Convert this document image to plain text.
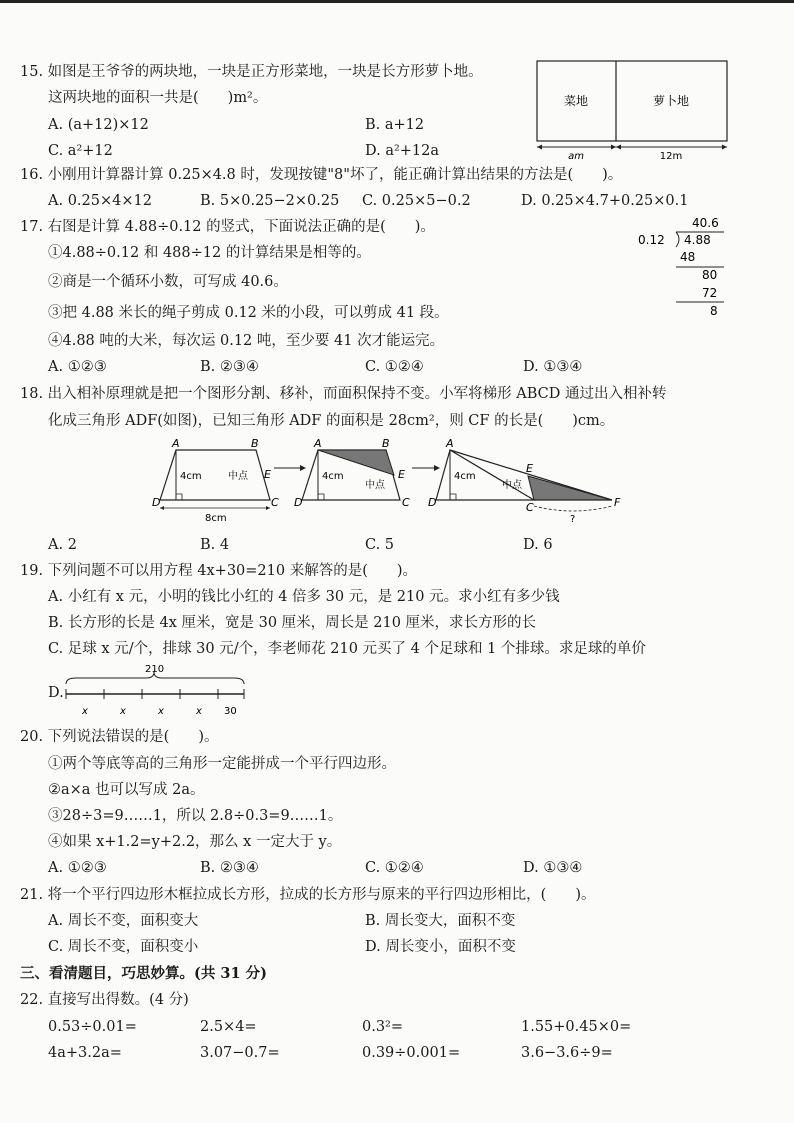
15. 如图是王爷爷的两块地，一块是正方形菜地，一块是长方形萝卜地。
这两块地的面积一共是(　　)m²。
A. (a+12)×12	B. a+12
C. a²+12	D. a²+12a
菜地	萝卜地
am	12m
16. 小刚用计算器计算 0.25×4.8 时，发现按键"8"坏了，能正确计算出结果的方法是(　　)。
A. 0.25×4×12	B. 5×0.25−2×0.25 C. 0.25×5−0.2	D. 0.25×4.7+0.25×0.1
17. 右图是计算 4.88÷0.12 的竖式，下面说法正确的是(　　)。
①4.88÷0.12 和 488÷12 的计算结果是相等的。
②商是一个循环小数，可写成 40.6。
③把 4.88 米长的绳子剪成 0.12 米的小段，可以剪成 41 段。
④4.88 吨的大米，每次运 0.12 吨，至少要 41 次才能运完。
A. ①②③	B. ②③④	C. ①②④	D. ①③④
40.6
0.12 4.88
48
80
72
8
18. 出入相补原理就是把一个图形分割、移补，而面积保持不变。小军将梯形 ABCD 通过出入相补转
化成三角形 ADF(如图)，已知三角形 ADF 的面积是 28cm²，则 CF 的长是(　　)cm。
A	B
D	C
E
4cm	中点
8cm
A	B
D	C
E
4cm
中点
A
D	C
E
F
4cm
中点
?
A. 2	B. 4	C. 5	D. 6
19. 下列问题不可以用方程 4x+30=210 来解答的是(　　)。
A. 小红有 x 元，小明的钱比小红的 4 倍多 30 元，是 210 元。求小红有多少钱
B. 长方形的长是 4x 厘米，宽是 30 厘米，周长是 210 厘米，求长方形的长
C. 足球 x 元/个，排球 30 元/个，李老师花 210 元买了 4 个足球和 1 个排球。求足球的单价
D.
210
x	x	x	x 30
20. 下列说法错误的是(　　)。
①两个等底等高的三角形一定能拼成一个平行四边形。
②a×a 也可以写成 2a。
③28÷3=9……1，所以 2.8÷0.3=9……1。
④如果 x+1.2=y+2.2，那么 x 一定大于 y。
A. ①②③	B. ②③④	C. ①②④	D. ①③④
21. 将一个平行四边形木框拉成长方形，拉成的长方形与原来的平行四边形相比，(　　)。
A. 周长不变，面积变大	B. 周长变大，面积不变
C. 周长不变，面积变小	D. 周长变小，面积不变
三、看清题目，巧思妙算。(共 31 分)
22. 直接写出得数。(4 分)
0.53÷0.01=	2.5×4=	0.3²=	1.55+0.45×0=
4a+3.2a=	3.07−0.7=	0.39÷0.001=	3.6−3.6÷9=
